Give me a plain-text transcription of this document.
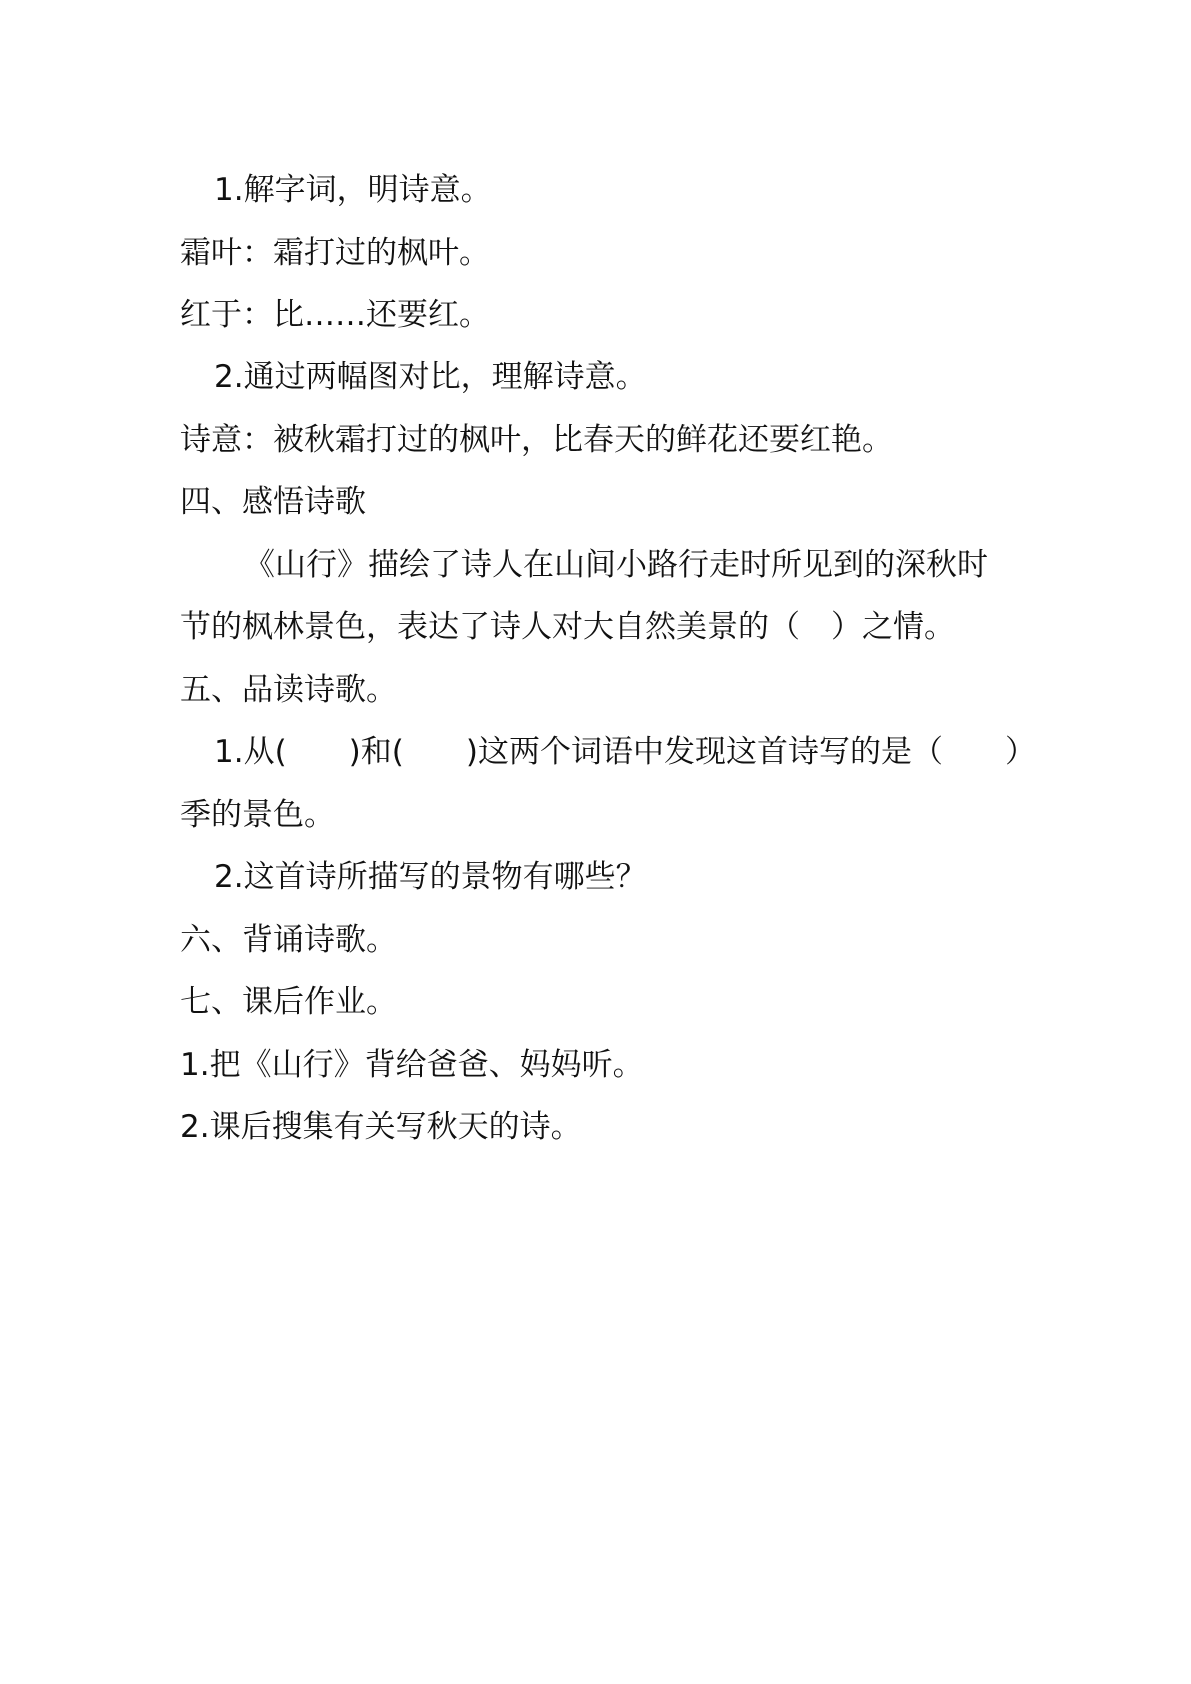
1.解字词，明诗意。
霜叶：霜打过的枫叶。
红于：比……还要红。
2.通过两幅图对比，理解诗意。
诗意：被秋霜打过的枫叶，比春天的鲜花还要红艳。
四、感悟诗歌
《山行》描绘了诗人在山间小路行走时所见到的深秋时
节的枫林景色，表达了诗人对大自然美景的（　）之情。
五、品读诗歌。
1.从(　　)和(　　)这两个词语中发现这首诗写的是（　　）
季的景色。
2.这首诗所描写的景物有哪些？
六、背诵诗歌。
七、课后作业。
1.把《山行》背给爸爸、妈妈听。
2.课后搜集有关写秋天的诗。
